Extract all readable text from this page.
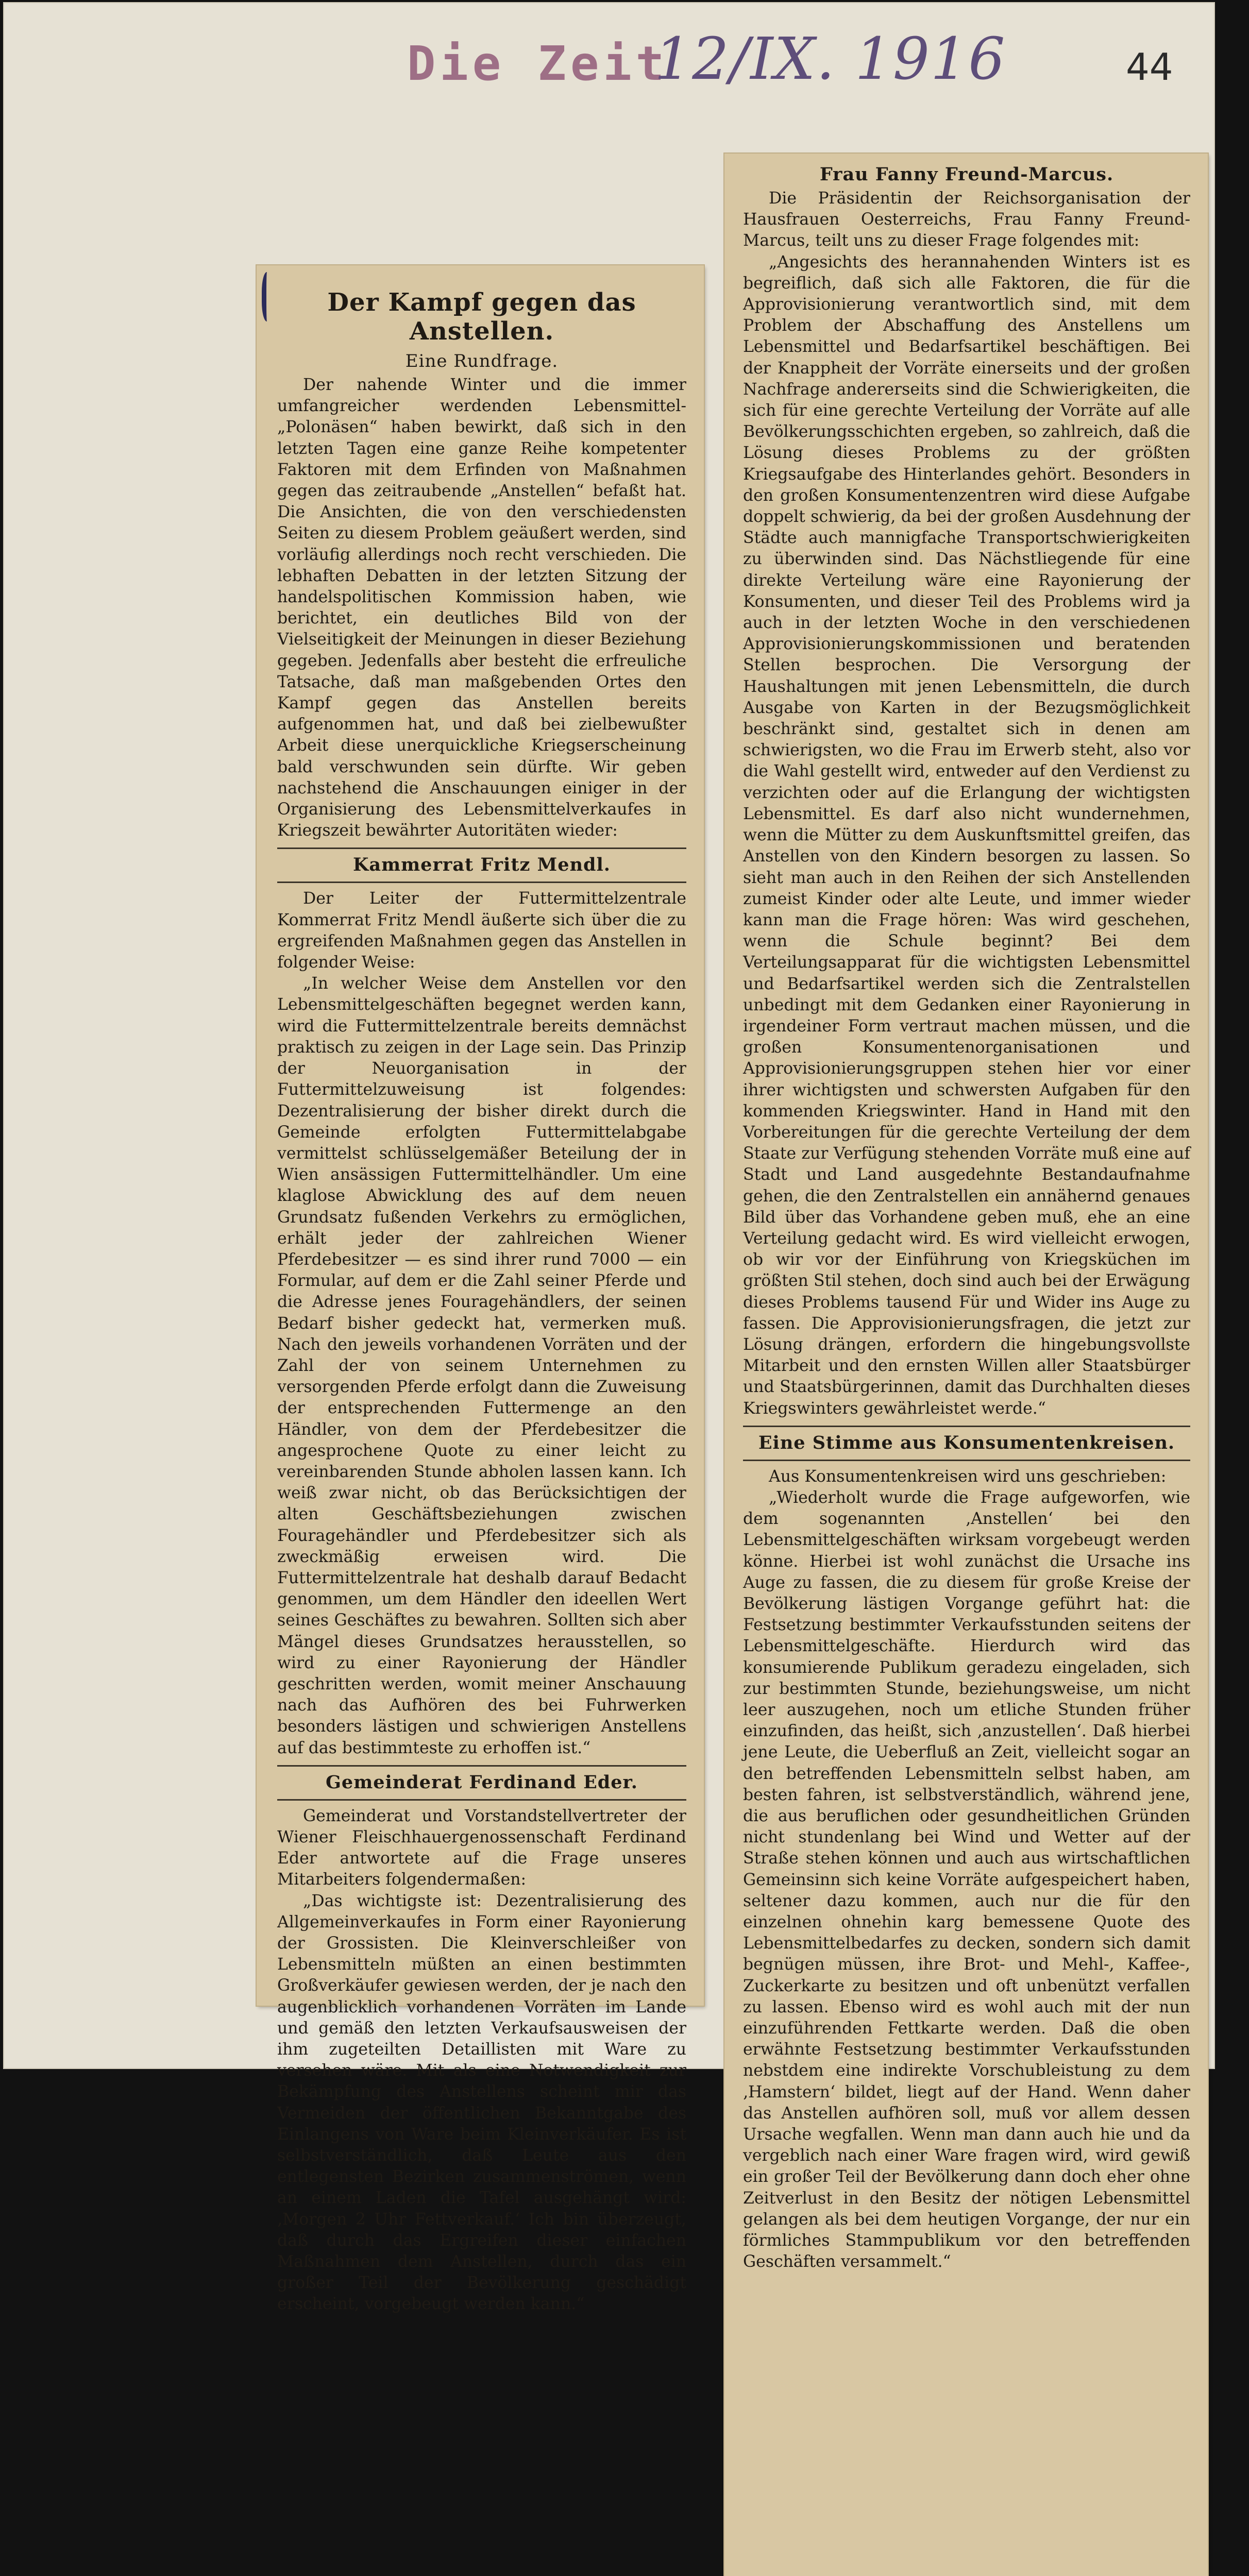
Die Zeit
12/IX. 1916	44
Der Kampf gegen das Anstellen.
Eine Rundfrage.

Der nahende Winter und die immer umfangreicher werdenden Lebensmittel-„Polonäsen“ haben bewirkt, daß sich in den letzten Tagen eine ganze Reihe kompetenter Faktoren mit dem Erfinden von Maßnahmen gegen das zeitraubende „Anstellen“ befaßt hat. Die Ansichten, die von den verschiedensten Seiten zu diesem Problem geäußert werden, sind vorläufig allerdings noch recht verschieden. Die lebhaften Debatten in der letzten Sitzung der handelspolitischen Kommission haben, wie berichtet, ein deutliches Bild von der Vielseitigkeit der Meinungen in dieser Beziehung gegeben. Jedenfalls aber besteht die erfreuliche Tatsache, daß man maßgebenden Ortes den Kampf gegen das Anstellen bereits aufgenommen hat, und daß bei zielbewußter Arbeit diese unerquickliche Kriegserscheinung bald verschwunden sein dürfte. Wir geben nachstehend die Anschauungen einiger in der Organisierung des Lebensmittelverkaufes in Kriegszeit bewährter Autoritäten wieder:

Kammerrat Fritz Mendl.

Der Leiter der Futtermittelzentrale Kommerrat Fritz Mendl äußerte sich über die zu ergreifenden Maßnahmen gegen das Anstellen in folgender Weise:

„In welcher Weise dem Anstellen vor den Lebensmittelgeschäften begegnet werden kann, wird die Futtermittelzentrale bereits demnächst praktisch zu zeigen in der Lage sein. Das Prinzip der Neuorganisation in der Futtermittelzuweisung ist folgendes: Dezentralisierung der bisher direkt durch die Gemeinde erfolgten Futtermittelabgabe vermittelst schlüsselgemäßer Beteilung der in Wien ansässigen Futtermittelhändler. Um eine klaglose Abwicklung des auf dem neuen Grundsatz fußenden Verkehrs zu ermöglichen, erhält jeder der zahlreichen Wiener Pferdebesitzer — es sind ihrer rund 7000 — ein Formular, auf dem er die Zahl seiner Pferde und die Adresse jenes Fouragehändlers, der seinen Bedarf bisher gedeckt hat, vermerken muß. Nach den jeweils vorhandenen Vorräten und der Zahl der von seinem Unternehmen zu versorgenden Pferde erfolgt dann die Zuweisung der entsprechenden Futtermenge an den Händler, von dem der Pferdebesitzer die angesprochene Quote zu einer leicht zu vereinbarenden Stunde abholen lassen kann. Ich weiß zwar nicht, ob das Berücksichtigen der alten Geschäftsbeziehungen zwischen Fouragehändler und Pferdebesitzer sich als zweckmäßig erweisen wird. Die Futtermittelzentrale hat deshalb darauf Bedacht genommen, um dem Händler den ideellen Wert seines Geschäftes zu bewahren. Sollten sich aber Mängel dieses Grundsatzes herausstellen, so wird zu einer Rayonierung der Händler geschritten werden, womit meiner Anschauung nach das Aufhören des bei Fuhrwerken besonders lästigen und schwierigen Anstellens auf das bestimmteste zu erhoffen ist.“

Gemeinderat Ferdinand Eder.

Gemeinderat und Vorstandstellvertreter der Wiener Fleischhauergenossenschaft Ferdinand Eder antwortete auf die Frage unseres Mitarbeiters folgendermaßen:

„Das wichtigste ist: Dezentralisierung des Allgemeinverkaufes in Form einer Rayonierung der Grossisten. Die Kleinverschleißer von Lebensmitteln müßten an einen bestimmten Großverkäufer gewiesen werden, der je nach den augenblicklich vorhandenen Vorräten im Lande und gemäß den letzten Verkaufsausweisen der ihm zugeteilten Detaillisten mit Ware zu versehen wäre. Mit als eine Notwendigkeit zur Bekämpfung des Anstellens scheint mir das Vermeiden der öffentlichen Bekanntgabe des Einlangens von Ware beim Kleinverkäufer. Es ist selbstverständlich, daß Leute aus den entlegensten Bezirken zusammenströmen, wenn an einem Laden die Tafel ausgehängt wird: ‚Morgen 2 Uhr Fettverkauf.‘ Ich bin überzeugt, daß durch das Ergreifen dieser einfachen Maßnahmen dem Anstellen, durch das ein großer Teil der Bevölkerung geschädigt erscheint, vorgebeugt werden kann.“

Frau Fanny Freund-Marcus.

Die Präsidentin der Reichsorganisation der Hausfrauen Oesterreichs, Frau Fanny Freund-Marcus, teilt uns zu dieser Frage folgendes mit:

„Angesichts des herannahenden Winters ist es begreiflich, daß sich alle Faktoren, die für die Approvisionierung verantwortlich sind, mit dem Problem der Abschaffung des Anstellens um Lebensmittel und Bedarfsartikel beschäftigen. Bei der Knappheit der Vorräte einerseits und der großen Nachfrage andererseits sind die Schwierigkeiten, die sich für eine gerechte Verteilung der Vorräte auf alle Bevölkerungsschichten ergeben, so zahlreich, daß die Lösung dieses Problems zu der größten Kriegsaufgabe des Hinterlandes gehört. Besonders in den großen Konsumentenzentren wird diese Aufgabe doppelt schwierig, da bei der großen Ausdehnung der Städte auch mannigfache Transportschwierigkeiten zu überwinden sind. Das Nächstliegende für eine direkte Verteilung wäre eine Rayonierung der Konsumenten, und dieser Teil des Problems wird ja auch in der letzten Woche in den verschiedenen Approvisionierungskommissionen und beratenden Stellen besprochen. Die Versorgung der Haushaltungen mit jenen Lebensmitteln, die durch Ausgabe von Karten in der Bezugsmöglichkeit beschränkt sind, gestaltet sich in denen am schwierigsten, wo die Frau im Erwerb steht, also vor die Wahl gestellt wird, entweder auf den Verdienst zu verzichten oder auf die Erlangung der wichtigsten Lebensmittel. Es darf also nicht wundernehmen, wenn die Mütter zu dem Auskunftsmittel greifen, das Anstellen von den Kindern besorgen zu lassen. So sieht man auch in den Reihen der sich Anstellenden zumeist Kinder oder alte Leute, und immer wieder kann man die Frage hören: Was wird geschehen, wenn die Schule beginnt? Bei dem Verteilungsapparat für die wichtigsten Lebensmittel und Bedarfsartikel werden sich die Zentralstellen unbedingt mit dem Gedanken einer Rayonierung in irgendeiner Form vertraut machen müssen, und die großen Konsumentenorganisationen und Approvisionierungsgruppen stehen hier vor einer ihrer wichtigsten und schwersten Aufgaben für den kommenden Kriegswinter. Hand in Hand mit den Vorbereitungen für die gerechte Verteilung der dem Staate zur Verfügung stehenden Vorräte muß eine auf Stadt und Land ausgedehnte Bestandaufnahme gehen, die den Zentralstellen ein annähernd genaues Bild über das Vorhandene geben muß, ehe an eine Verteilung gedacht wird. Es wird vielleicht erwogen, ob wir vor der Einführung von Kriegsküchen im größten Stil stehen, doch sind auch bei der Erwägung dieses Problems tausend Für und Wider ins Auge zu fassen. Die Approvisionierungsfragen, die jetzt zur Lösung drängen, erfordern die hingebungsvollste Mitarbeit und den ernsten Willen aller Staatsbürger und Staatsbürgerinnen, damit das Durchhalten dieses Kriegswinters gewährleistet werde.“

Eine Stimme aus Konsumentenkreisen.

Aus Konsumentenkreisen wird uns geschrieben:

„Wiederholt wurde die Frage aufgeworfen, wie dem sogenannten ‚Anstellen‘ bei den Lebensmittelgeschäften wirksam vorgebeugt werden könne. Hierbei ist wohl zunächst die Ursache ins Auge zu fassen, die zu diesem für große Kreise der Bevölkerung lästigen Vorgange geführt hat: die Festsetzung bestimmter Verkaufsstunden seitens der Lebensmittelgeschäfte. Hierdurch wird das konsumierende Publikum geradezu eingeladen, sich zur bestimmten Stunde, beziehungsweise, um nicht leer auszugehen, noch um etliche Stunden früher einzufinden, das heißt, sich ‚anzustellen‘. Daß hierbei jene Leute, die Ueberfluß an Zeit, vielleicht sogar an den betreffenden Lebensmitteln selbst haben, am besten fahren, ist selbstverständlich, während jene, die aus beruflichen oder gesundheitlichen Gründen nicht stundenlang bei Wind und Wetter auf der Straße stehen können und auch aus wirtschaftlichen Gemeinsinn sich keine Vorräte aufgespeichert haben, seltener dazu kommen, auch nur die für den einzelnen ohnehin karg bemessene Quote des Lebensmittelbedarfes zu decken, sondern sich damit begnügen müssen, ihre Brot- und Mehl-, Kaffee-, Zuckerkarte zu besitzen und oft unbenützt verfallen zu lassen. Ebenso wird es wohl auch mit der nun einzuführenden Fettkarte werden. Daß die oben erwähnte Festsetzung bestimmter Verkaufsstunden nebstdem eine indirekte Vorschubleistung zu dem ‚Hamstern‘ bildet, liegt auf der Hand. Wenn daher das Anstellen aufhören soll, muß vor allem dessen Ursache wegfallen. Wenn man dann auch hie und da vergeblich nach einer Ware fragen wird, wird gewiß ein großer Teil der Bevölkerung dann doch eher ohne Zeitverlust in den Besitz der nötigen Lebensmittel gelangen als bei dem heutigen Vorgange, der nur ein förmliches Stammpublikum vor den betreffenden Geschäften versammelt.“
